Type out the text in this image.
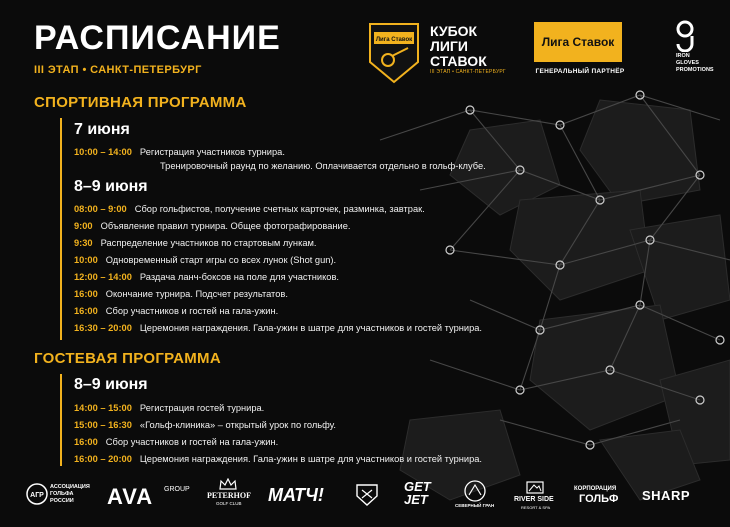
РАСПИСАНИЕ
III ЭТАП • САНКТ-ПЕТЕРБУРГ
Лига Ставок
КУБОК
ЛИГИ
СТАВОК
III ЭТАП • САНКТ-ПЕТЕРБУРГ
Лига Ставок
ГЕНЕРАЛЬНЫЙ ПАРТНЁР
IRON
GLOVES
PROMOTIONS
СПОРТИВНАЯ ПРОГРАММА
7 июня
10:00 – 14:00 Регистрация участников турнира.
Тренировочный раунд по желанию. Оплачивается отдельно в гольф-клубе.
8–9 июня
08:00 – 9:00 Сбор гольфистов, получение счетных карточек, разминка, завтрак.
9:00 Объявление правил турнира. Общее фотографирование.
9:30 Распределение участников по стартовым лункам.
10:00 Одновременный старт игры со всех лунок (Shot gun).
12:00 – 14:00 Раздача ланч-боксов на поле для участников.
16:00 Окончание турнира. Подсчет результатов.
16:00 Сбор участников и гостей на гала-ужин.
16:30 – 20:00 Церемония награждения. Гала-ужин в шатре для участников и гостей турнира.
ГОСТЕВАЯ ПРОГРАММА
8–9 июня
14:00 – 15:00 Регистрация гостей турнира.
15:00 – 16:30 «Гольф-клиника» – открытый урок по гольфу.
16:00 Сбор участников и гостей на гала-ужин.
16:00 – 20:00 Церемония награждения. Гала-ужин в шатре для участников и гостей турнира.
АГР
АССОЦИАЦИЯ
ГОЛЬФА
РОССИИ	AVA GROUP
PETERHOF
GOLF CLUB МАТЧ!	GET
JET	СЕВЕРНЫЙ ГРАН
RIVER SIDE
RESORT & SPA
КОРПОРАЦИЯ
ГОЛЬФ SHARP
